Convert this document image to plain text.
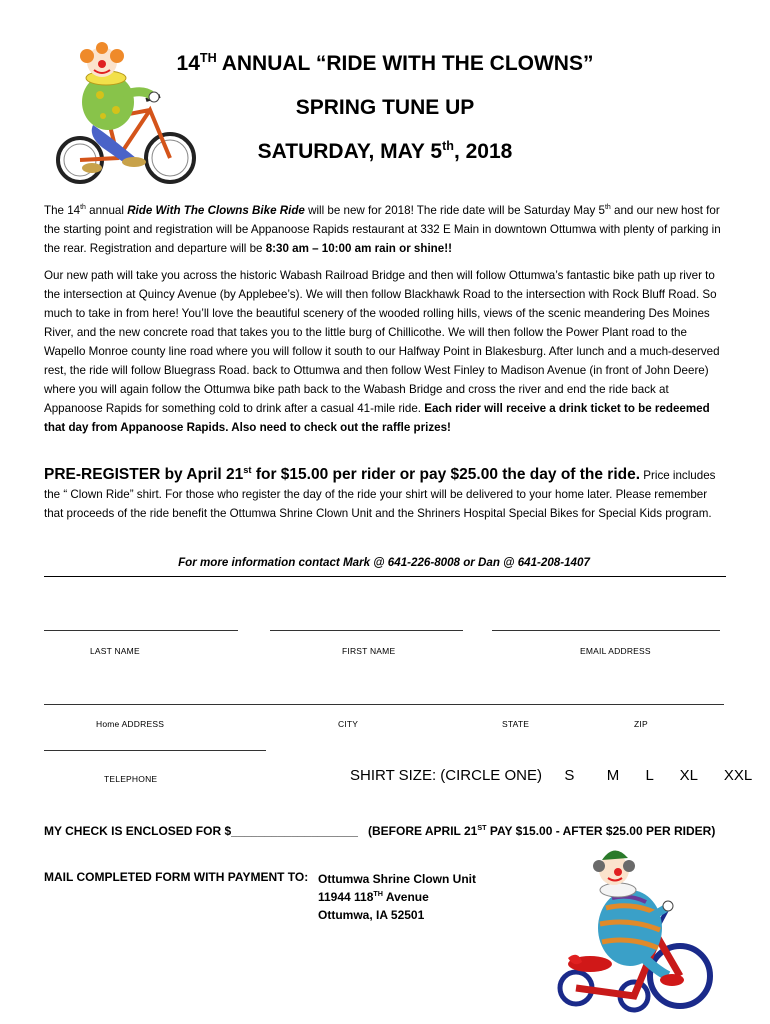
14TH ANNUAL “RIDE WITH THE CLOWNS”
SPRING TUNE UP
SATURDAY, MAY 5th, 2018

The 14th annual Ride With The Clowns Bike Ride will be new for 2018! The ride date will be Saturday May 5th and our new host for the starting point and registration will be Appanoose Rapids restaurant at 332 E Main in downtown Ottumwa with plenty of parking in the rear. Registration and departure will be 8:30 am – 10:00 am rain or shine!!

Our new path will take you across the historic Wabash Railroad Bridge and then will follow Ottumwa’s fantastic bike path up river to the intersection at Quincy Avenue (by Applebee’s). We will then follow Blackhawk Road to the intersection with Rock Bluff Road. So much to take in from here! You’ll love the beautiful scenery of the wooded rolling hills, views of the scenic meandering Des Moines River, and the new concrete road that takes you to the little burg of Chillicothe. We will then follow the Power Plant road to the Wapello Monroe county line road where you will follow it south to our Halfway Point in Blakesburg. After lunch and a much-deserved rest, the ride will follow Bluegrass Road. back to Ottumwa and then follow West Finley to Madison Avenue (in front of John Deere) where you will again follow the Ottumwa bike path back to the Wabash Bridge and cross the river and end the ride back at Appanoose Rapids for something cold to drink after a casual 41-mile ride. Each rider will receive a drink ticket to be redeemed that day from Appanoose Rapids. Also need to check out the raffle prizes!

PRE-REGISTER by April 21st for $15.00 per rider or pay $25.00 the day of the ride. Price includes the “ Clown Ride” shirt. For those who register the day of the ride your shirt will be delivered to your home later. Please remember that proceeds of the ride benefit the Ottumwa Shrine Clown Unit and the Shriners Hospital Special Bikes for Special Kids program.

For more information contact Mark @ 641-226-8008 or Dan @ 641-208-1407
LAST NAME	FIRST NAME	EMAIL ADDRESS
Home ADDRESS	CITY	STATE	ZIP
TELEPHONE	SHIRT SIZE: (CIRCLE ONE) S M L XL XXL
MY CHECK IS ENCLOSED FOR $___________________ (BEFORE APRIL 21ST PAY $15.00 - AFTER $25.00 PER RIDER)
MAIL COMPLETED FORM WITH PAYMENT TO: Ottumwa Shrine Clown Unit
11944 118TH Avenue
Ottumwa, IA 52501
